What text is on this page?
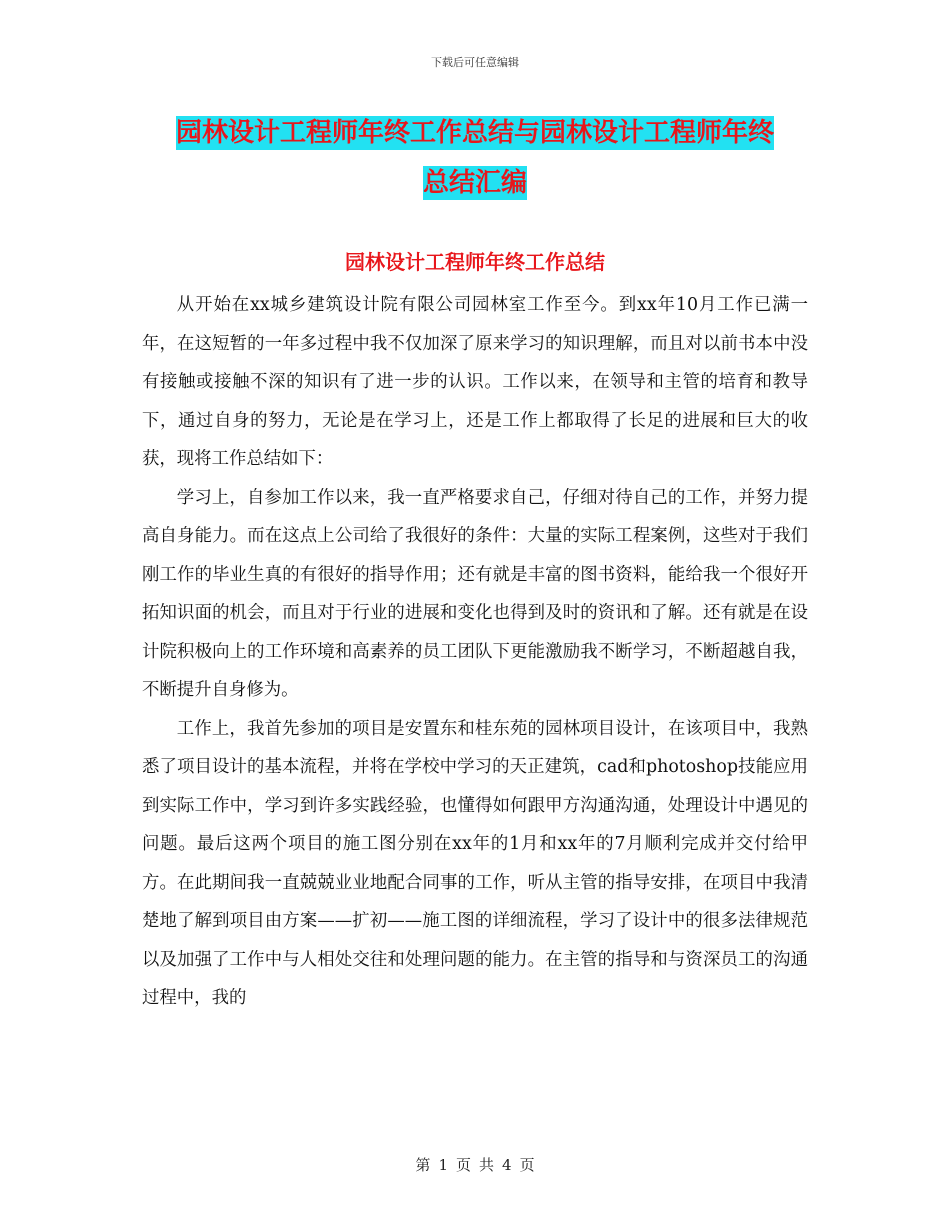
下载后可任意编辑
园林设计工程师年终工作总结与园林设计工程师年终
总结汇编
园林设计工程师年终工作总结

从开始在xx城乡建筑设计院有限公司园林室工作至今。到xx年10月工作已满一年，在这短暂的一年多过程中我不仅加深了原来学习的知识理解，而且对以前书本中没有接触或接触不深的知识有了进一步的认识。工作以来，在领导和主管的培育和教导下，通过自身的努力，无论是在学习上，还是工作上都取得了长足的进展和巨大的收获，现将工作总结如下：

学习上，自参加工作以来，我一直严格要求自己，仔细对待自己的工作，并努力提高自身能力。而在这点上公司给了我很好的条件：大量的实际工程案例，这些对于我们刚工作的毕业生真的有很好的指导作用；还有就是丰富的图书资料，能给我一个很好开拓知识面的机会，而且对于行业的进展和变化也得到及时的资讯和了解。还有就是在设计院积极向上的工作环境和高素养的员工团队下更能激励我不断学习，不断超越自我，不断提升自身修为。

工作上，我首先参加的项目是安置东和桂东苑的园林项目设计，在该项目中，我熟悉了项目设计的基本流程，并将在学校中学习的天正建筑，cad和photoshop技能应用到实际工作中，学习到许多实践经验，也懂得如何跟甲方沟通沟通，处理设计中遇见的问题。最后这两个项目的施工图分别在xx年的1月和xx年的7月顺利完成并交付给甲方。在此期间我一直兢兢业业地配合同事的工作，听从主管的指导安排，在项目中我清楚地了解到项目由方案——扩初——施工图的详细流程，学习了设计中的很多法律规范以及加强了工作中与人相处交往和处理问题的能力。在主管的指导和与资深员工的沟通过程中，我的

第 1 页 共 4 页
